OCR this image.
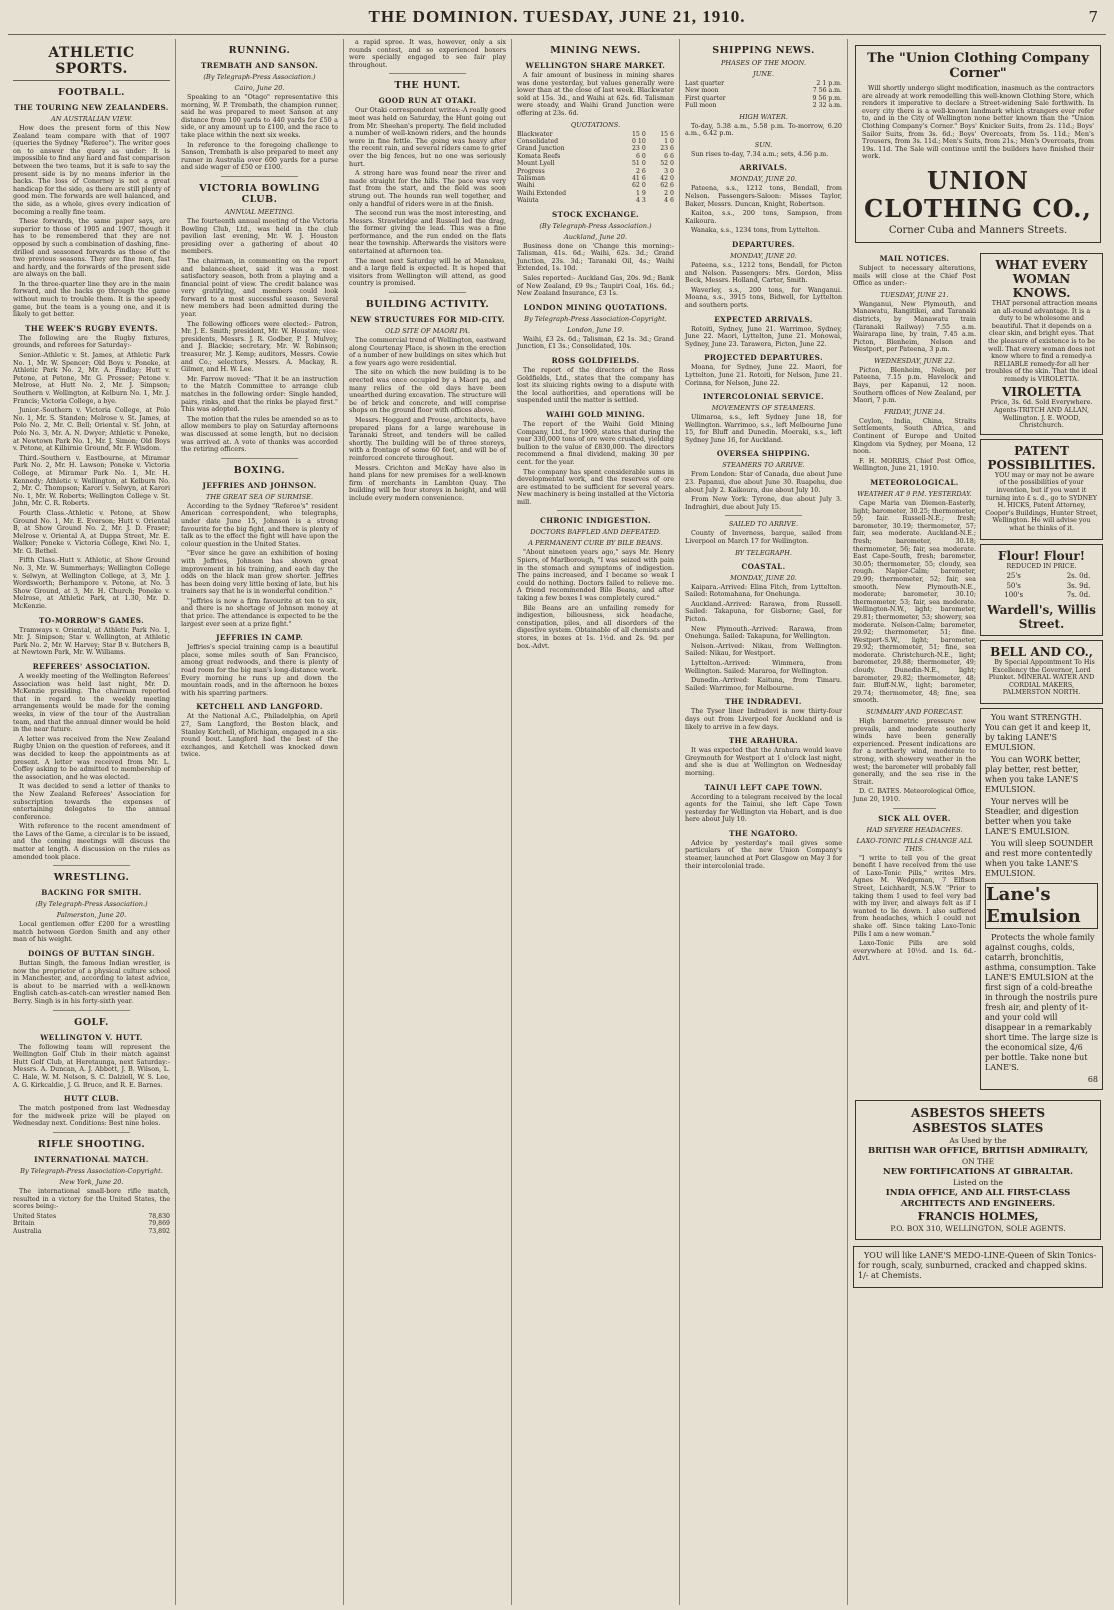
THE DOMINION. TUESDAY, JUNE 21, 1910.	7
ATHLETIC SPORTS.
FOOTBALL.
THE TOURING NEW ZEALANDERS.
AN AUSTRALIAN VIEW.

How does the present form of this New Zealand team compare with that of 1907 (queries the Sydney "Referee"). The writer goes on to answer the query as under: It is impossible to find any hard and fast comparison between the two teams, but it is safe to say the present side is by no means inferior in the backs. The loss of Conerney is not a great handicap for the side, as there are still plenty of good men. The forwards are well balanced, and the side, as a whole, gives every indication of becoming a really fine team.

These forwards, the same paper says, are superior to those of 1905 and 1907, though it has to be remembered that they are not opposed by such a combination of dashing, fine-drilled and seasoned forwards as those of the two previous seasons. They are fine men, fast and hardy, and the forwards of the present side are always on the ball.

In the three-quarter line they are in the main forward, and the backs go through the game without much to trouble them. It is the speedy game, but the team is a young one, and it is likely to get better.

THE WEEK'S RUGBY EVENTS.

The following are the Rugby fixtures, grounds, and referees for Saturday:-

Senior.-Athletic v. St. James, at Athletic Park No. 1, Mr. W. Spencer; Old Boys v. Poneke, at Athletic Park No. 2, Mr. A. Findlay; Hutt v. Petone, at Petone, Mr. G. Prosser; Petone v. Melrose, at Hutt No. 2, Mr. J. Simpson; Southern v. Wellington, at Kelburn No. 1, Mr. J. Francis; Victoria College, a bye.

Junior.-Southern v. Victoria College, at Polo No. 1, Mr. S. Standen; Melrose v. St. James, at Polo No. 2, Mr. C. Bell; Oriental v. St. John, at Polo No. 3, Mr. A. N. Dwyer; Athletic v. Poneke, at Newtown Park No. 1, Mr. J. Simon; Old Boys v. Petone, at Kilbirnie Ground, Mr. F. Wisdom.

Third.-Southern v. Eastbourne, at Miramar Park No. 2, Mr. H. Lawson; Poneke v. Victoria College, at Miramar Park No. 1, Mr. H. Kennedy; Athletic v. Wellington, at Kelburn No. 2, Mr. C. Thompson; Karori v. Selwyn, at Karori No. 1, Mr. W. Roberts; Wellington College v. St. John, Mr. C. R. Roberts.

Fourth Class.-Athletic v. Petone, at Show Ground No. 1, Mr. E. Everson; Hutt v. Oriental B, at Show Ground No. 2, Mr. J. D. Fraser; Melrose v. Oriental A, at Duppa Street, Mr. E. Walker; Poneke v. Victoria College, Kiwi No. 1, Mr. G. Bethel.

Fifth Class.-Hutt v. Athletic, at Show Ground No. 3, Mr. W. Summerhays; Wellington College v. Selwyn, at Wellington College, at 3, Mr. J. Wordsworth; Berhampore v. Petone, at No. 3 Show Ground, at 3, Mr. H. Church; Poneke v. Melrose, at Athletic Park, at 1.30, Mr. D. McKenzie.

TO-MORROW'S GAMES.

Tramways v. Oriental, at Athletic Park No. 1, Mr. J. Simpson; Star v. Wellington, at Athletic Park No. 2, Mr. W. Harvey; Star B v. Butchers B, at Newtown Park, Mr. W. Williams.

REFEREES' ASSOCIATION.

A weekly meeting of the Wellington Referees' Association was held last night, Mr. D. McKenzie presiding. The chairman reported that in regard to the weekly meeting arrangements would be made for the coming weeks, in view of the tour of the Australian team, and that the annual dinner would be held in the near future.

A letter was received from the New Zealand Rugby Union on the question of referees, and it was decided to keep the appointments as at present. A letter was received from Mr. L. Coffey asking to be admitted to membership of the association, and he was elected.

It was decided to send a letter of thanks to the New Zealand Referees' Association for subscription towards the expenses of entertaining delegates to the annual conference.

With reference to the recent amendment of the Laws of the Game, a circular is to be issued, and the coming meetings will discuss the matter at length. A discussion on the rules as amended took place.

WRESTLING.
BACKING FOR SMITH.
(By Telegraph-Press Association.)
Palmerston, June 20.

Local gentlemen offer £200 for a wrestling match between Gordon Smith and any other man of his weight.

DOINGS OF BUTTAN SINGH.

Buttan Singh, the famous Indian wrestler, is now the proprietor of a physical culture school in Manchester, and, according to latest advice, is about to be married with a well-known English catch-as-catch-can wrestler named Ben Berry. Singh is in his forty-sixth year.

GOLF.
WELLINGTON V. HUTT.

The following team will represent the Wellington Golf Club in their match against Hutt Golf Club, at Heretaunga, next Saturday:-Messrs. A. Duncan, A. J. Abbott, J. B. Wilson, L. C. Hale, W. M. Nelson, S. C. Dalziell, W. S. Lee, A. G. Kirkcaldie, J. G. Bruce, and R. E. Barnes.

HUTT CLUB.

The match postponed from last Wednesday for the midweek prize will be played on Wednesday next. Conditions: Best nine holes.

RIFLE SHOOTING.
INTERNATIONAL MATCH.
By Telegraph-Press Association-Copyright.
New York, June 20.

The international small-bore rifle match, resulted in a victory for the United States, the scores being:-

United States	78,830
Britain	79,869
Australia	73,892
RUNNING.
TREMBATH AND SANSON.
(By Telegraph-Press Association.)
Cairo, June 20.

Speaking to an "Otago" representative this morning, W. P. Trembath, the champion runner, said he was prepared to meet Sanson at any distance from 100 yards to 440 yards for £50 a side, or any amount up to £100, and the race to take place within the next six weeks.

In reference to the foregoing challenge to Sanson, Trembath is also prepared to meet any runner in Australia over 600 yards for a purse and side wager of £50 or £100.

VICTORIA BOWLING CLUB.
ANNUAL MEETING.

The fourteenth annual meeting of the Victoria Bowling Club, Ltd., was held in the club pavilion last evening, Mr. W. J. Houston presiding over a gathering of about 40 members.

The chairman, in commenting on the report and balance-sheet, said it was a most satisfactory season, both from a playing and a financial point of view. The credit balance was very gratifying, and members could look forward to a most successful season. Several new members had been admitted during the year.

The following officers were elected:- Patron, Mr. J. E. Smith; president, Mr. W. Houston; vice-presidents, Messrs. J. R. Godber, P. J. Mulvey, and J. Blackie; secretary, Mr. W. Robinson; treasurer, Mr. J. Kemp; auditors, Messrs. Cowie and Co.; selectors, Messrs. A. Mackay, R. Gilmer, and H. W. Lee.

Mr. Farrow moved: "That it be an instruction to the Match Committee to arrange club matches in the following order: Single handed, pairs, rinks, and that the rinks be played first." This was adopted.

The motion that the rules be amended so as to allow members to play on Saturday afternoons was discussed at some length, but no decision was arrived at. A vote of thanks was accorded the retiring officers.

BOXING.
JEFFRIES AND JOHNSON.
THE GREAT SEA OF SURMISE.

According to the Sydney "Referee's" resident American correspondent, who telegraphs, under date June 15, Johnson is a strong favourite for the big fight, and there is plenty of talk as to the effect the fight will have upon the colour question in the United States.

"Ever since he gave an exhibition of boxing with Jeffries, Johnson has shown great improvement in his training, and each day the odds on the black man grow shorter. Jeffries has been doing very little boxing of late, but his trainers say that he is in wonderful condition."

"Jeffries is now a firm favourite at ten to six, and there is no shortage of Johnson money at that price. The attendance is expected to be the largest ever seen at a prize fight."

JEFFRIES IN CAMP.

Jeffries's special training camp is a beautiful place, some miles south of San Francisco, among great redwoods, and there is plenty of road room for the big man's long-distance work. Every morning he runs up and down the mountain roads, and in the afternoon he boxes with his sparring partners.

KETCHELL AND LANGFORD.

At the National A.C., Philadelphia, on April 27, Sam Langford, the Boston black, and Stanley Ketchell, of Michigan, engaged in a six-round bout. Langford had the best of the exchanges, and Ketchell was knocked down twice.

a rapid spree. It was, however, only a six rounds contest, and so experienced boxers were specially engaged to see fair play throughout.

THE HUNT.
GOOD RUN AT OTAKI.

Our Otaki correspondent writes:-A really good meet was held on Saturday, the Hunt going out from Mr. Sheehan's property. The field included a number of well-known riders, and the hounds were in fine fettle. The going was heavy after the recent rain, and several riders came to grief over the big fences, but no one was seriously hurt.

A strong hare was found near the river and made straight for the hills. The pace was very fast from the start, and the field was soon strung out. The hounds ran well together, and only a handful of riders were in at the finish.

The second run was the most interesting, and Messrs. Strawbridge and Russell led the drag, the former giving the lead. This was a fine performance, and the run ended on the flats near the township. Afterwards the visitors were entertained at afternoon tea.

The meet next Saturday will be at Manakau, and a large field is expected. It is hoped that visitors from Wellington will attend, as good country is promised.

BUILDING ACTIVITY.
NEW STRUCTURES FOR MID-CITY.
OLD SITE OF MAORI PA.

The commercial trend of Wellington, eastward along Courtenay Place, is shown in the erection of a number of new buildings on sites which but a few years ago were residential.

The site on which the new building is to be erected was once occupied by a Maori pa, and many relics of the old days have been unearthed during excavation. The structure will be of brick and concrete, and will comprise shops on the ground floor with offices above.

Messrs. Hoggard and Prouse, architects, have prepared plans for a large warehouse in Taranaki Street, and tenders will be called shortly. The building will be of three storeys, with a frontage of some 60 feet, and will be of reinforced concrete throughout.

Messrs. Crichton and McKay have also in hand plans for new premises for a well-known firm of merchants in Lambton Quay. The building will be four storeys in height, and will include every modern convenience.

MINING NEWS.
WELLINGTON SHARE MARKET.

A fair amount of business in mining shares was done yesterday, but values generally were lower than at the close of last week. Blackwater sold at 15s. 3d., and Waihi at 62s. 6d. Talisman were steady, and Waihi Grand Junction were offering at 23s. 6d.

QUOTATIONS.
Blackwater	15 0	15 6
Consolidated	0 10	1 0
Grand Junction	23 0	23 6
Komata Reefs	6 0	6 6
Mount Lyell	51 0	52 0
Progress	2 6	3 0
Talisman	41 6	42 0
Waihi	62 0	62 6
Waihi Extended	1 9	2 0
Waiuta	4 3	4 6
STOCK EXCHANGE.
(By Telegraph-Press Association.)
Auckland, June 20.

Business done on 'Change this morning:- Talisman, 41s. 6d.; Waihi, 62s. 3d.; Grand Junction, 23s. 3d.; Taranaki Oil, 4s.; Waihi Extended, 1s. 10d.

Sales reported:- Auckland Gas, 20s. 9d.; Bank of New Zealand, £9 9s.; Taupiri Coal, 16s. 6d.; New Zealand Insurance, £3 1s.

LONDON MINING QUOTATIONS.
By Telegraph-Press Association-Copyright.
London, June 19.

Waihi, £3 2s. 6d.; Talisman, £2 1s. 3d.; Grand Junction, £1 3s.; Consolidated, 10s.

ROSS GOLDFIELDS.

The report of the directors of the Ross Goldfields, Ltd., states that the company has lost its sluicing rights owing to a dispute with the local authorities, and operations will be suspended until the matter is settled.

WAIHI GOLD MINING.

The report of the Waihi Gold Mining Company, Ltd., for 1909, states that during the year 330,000 tons of ore were crushed, yielding bullion to the value of £830,000. The directors recommend a final dividend, making 30 per cent. for the year.

The company has spent considerable sums in developmental work, and the reserves of ore are estimated to be sufficient for several years. New machinery is being installed at the Victoria mill.

CHRONIC INDIGESTION.
DOCTORS BAFFLED AND DEFEATED.
A PERMANENT CURE BY BILE BEANS.

"About nineteen years ago," says Mr. Henry Spiers, of Marlborough, "I was seized with pain in the stomach and symptoms of indigestion. The pains increased, and I became so weak I could do nothing. Doctors failed to relieve me. A friend recommended Bile Beans, and after taking a few boxes I was completely cured."

Bile Beans are an unfailing remedy for indigestion, biliousness, sick headache, constipation, piles, and all disorders of the digestive system. Obtainable of all chemists and stores, in boxes at 1s. 1½d. and 2s. 9d. per box.-Advt.

SHIPPING NEWS.
PHASES OF THE MOON.
JUNE.
Last quarter	2 1 p.m.
New moon	7 56 a.m.
First quarter	9 56 p.m.
Full moon	2 32 a.m.
HIGH WATER.

To-day, 5.38 a.m., 5.58 p.m. To-morrow, 6.20 a.m., 6.42 p.m.

SUN.

Sun rises to-day, 7.34 a.m.; sets, 4.56 p.m.

ARRIVALS.
MONDAY, JUNE 20.

Pateena, s.s., 1212 tons, Bendall, from Nelson. Passengers-Saloon: Misses Taylor, Baker, Messrs. Duncan, Knight, Robertson.

Kaitoa, s.s., 200 tons, Sampson, from Kaikoura.

Wanaka, s.s., 1234 tons, from Lyttelton.

DEPARTURES.
MONDAY, JUNE 20.

Pateena, s.s., 1212 tons, Bendall, for Picton and Nelson. Passengers: Mrs. Gordon, Miss Beck, Messrs. Holland, Carter, Smith.

Waverley, s.s., 200 tons, for Wanganui. Moana, s.s., 3915 tons, Bidwell, for Lyttelton and southern ports.

EXPECTED ARRIVALS.

Rotoiti, Sydney, June 21. Warrimoo, Sydney, June 22. Maori, Lyttelton, June 21. Monowai, Sydney, June 23. Tarawera, Picton, June 22.

PROJECTED DEPARTURES.

Moana, for Sydney, June 22. Maori, for Lyttelton, June 21. Rotoiti, for Nelson, June 21. Corinna, for Nelson, June 22.

INTERCOLONIAL SERVICE.
MOVEMENTS OF STEAMERS.

Ulimaroa, s.s., left Sydney June 18, for Wellington. Warrimoo, s.s., left Melbourne June 15, for Bluff and Dunedin. Moeraki, s.s., left Sydney June 16, for Auckland.

OVERSEA SHIPPING.
STEAMERS TO ARRIVE.

From London: Star of Canada, due about June 23. Papanui, due about June 30. Ruapehu, due about July 2. Kaikoura, due about July 10.

From New York: Tyrone, due about July 3. Indraghiri, due about July 15.

SAILED TO ARRIVE.

County of Inverness, barque, sailed from Liverpool on March 17 for Wellington.

BY TELEGRAPH.
COASTAL.
MONDAY, JUNE 20.

Kaipara.-Arrived: Elina Fitch, from Lyttelton. Sailed: Rotomahana, for Onehunga.

Auckland.-Arrived: Rarawa, from Russell. Sailed: Takapuna, for Gisborne; Gael, for Picton.

New Plymouth.-Arrived: Rarawa, from Onehunga. Sailed: Takapuna, for Wellington.

Nelson.-Arrived: Nikau, from Wellington. Sailed: Nikau, for Westport.

Lyttelton.-Arrived: Wimmera, from Wellington. Sailed: Mararoa, for Wellington.

Dunedin.-Arrived: Kaituna, from Timaru. Sailed: Warrimoo, for Melbourne.

THE INDRADEVI.

The Tyser liner Indradevi is now thirty-four days out from Liverpool for Auckland and is likely to arrive in a few days.

THE ARAHURA.

It was expected that the Arahura would leave Greymouth for Westport at 1 o'clock last night, and she is due at Wellington on Wednesday morning.

TAINUI LEFT CAPE TOWN.

According to a telegram received by the local agents for the Tainui, she left Cape Town yesterday for Wellington via Hobart, and is due here about July 10.

THE NGATORO.

Advice by yesterday's mail gives some particulars of the new Union Company's steamer, launched at Port Glasgow on May 3 for their intercolonial trade.

The "Union Clothing Company Corner"

Will shortly undergo slight modification, inasmuch as the contractors are already at work remodelling this well-known Clothing Store, which renders it imperative to declare a Street-widening Sale forthwith. In every city there is a well-known landmark which strangers ever refer to, and in the City of Wellington none better known than the "Union Clothing Company's Corner." Boys' Knicker Suits, from 2s. 11d.; Boys' Sailor Suits, from 3s. 6d.; Boys' Overcoats, from 5s. 11d.; Men's Trousers, from 3s. 11d.; Men's Suits, from 21s.; Men's Overcoats, from 19s. 11d. The Sale will continue until the builders have finished their work.

UNION CLOTHING CO.,
Corner Cuba and Manners Streets.
MAIL NOTICES.

Subject to necessary alterations, mails will close at the Chief Post Office as under:-

TUESDAY, JUNE 21.

Wanganui, New Plymouth, and Manawatu, Rangitikei, and Taranaki districts, by Manawatu train (Taranaki Railway) 7.55 a.m. Wairarapa line, by train, 7.45 a.m. Picton, Blenheim, Nelson and Westport, per Pateena, 3 p.m.

WEDNESDAY, JUNE 22.

Picton, Blenheim, Nelson, per Pateena, 7.15 p.m. Havelock and Bays, per Kapanui, 12 noon. Southern offices of New Zealand, per Maori, 7 p.m.

FRIDAY, JUNE 24.

Ceylon, India, China, Straits Settlements, South Africa, and Continent of Europe and United Kingdom via Sydney, per Moana, 12 noon.

F. H. MORRIS, Chief Post Office, Wellington, June 21, 1910.

METEOROLOGICAL.
WEATHER AT 9 P.M. YESTERDAY.

Cape Maria van Diemen-Easterly, light; barometer, 30.25; thermometer, 59; fair. Russell-N.E.; fresh; barometer, 30.19; thermometer, 57; fair, sea moderate. Auckland-N.E.; fresh; barometer, 30.18; thermometer, 56; fair, sea moderate. East Cape-South, fresh; barometer, 30.05; thermometer, 55; cloudy, sea rough. Napier-Calm; barometer, 29.99; thermometer, 52; fair, sea smooth. New Plymouth-N.E., moderate; barometer, 30.10; thermometer, 53; fair, sea moderate. Wellington-N.W., light; barometer, 29.81; thermometer, 53; showery, sea moderate. Nelson-Calm; barometer, 29.92; thermometer, 51; fine. Westport-S.W., light; barometer, 29.92; thermometer, 51; fine, sea moderate. Christchurch-N.E., light; barometer, 29.88; thermometer, 49; cloudy. Dunedin-N.E., light; barometer, 29.82; thermometer, 48; fair. Bluff-N.W., light; barometer, 29.74; thermometer, 48; fine, sea smooth.

SUMMARY AND FORECAST.

High barometric pressure now prevails, and moderate southerly winds have been generally experienced. Present indications are for a northerly wind, moderate to strong, with showery weather in the west; the barometer will probably fall generally, and the sea rise in the Strait.

D. C. BATES. Meteorological Office, June 20, 1910.

SICK ALL OVER.
HAD SEVERE HEADACHES.
LAXO-TONIC PILLS CHANGE ALL THIS.

"I write to tell you of the great benefit I have received from the use of Laxo-Tonic Pills," writes Mrs. Agnes M. Wedgeman, 7 Elfison Street, Leichhardt, N.S.W. "Prior to taking them I used to feel very bad with my liver, and always felt as if I wanted to lie down. I also suffered from headaches, which I could not shake off. Since taking Laxo-Tonic Pills I am a new woman."

Laxo-Tonic Pills are sold everywhere at 10½d. and 1s. 6d.-Advt.

WHAT EVERY WOMAN KNOWS.

THAT personal attraction means an all-round advantage. It is a duty to be wholesome and beautiful. That it depends on a clear skin, and bright eyes. That the pleasure of existence is to be well. That every woman does not know where to find a remedy-a RELIABLE remedy-for all her troubles of the skin. That the ideal remedy is VIROLETTA.

VIROLETTA
Price, 3s. 6d. Sold Everywhere.
Agents-TRITCH AND ALLAN, Wellington. J. E. WOOD, Christchurch.
PATENT POSSIBILITIES.

YOU may or may not be aware of the possibilities of your invention, but if you want it turning into £ s. d., go to SYDNEY H. HICKS, Patent Attorney, Cooper's Buildings, Hunter Street, Wellington. He will advise you what he thinks of it.

Flour! Flour!
REDUCED IN PRICE.
25's	2s. 0d.
50's	3s. 9d.
100's	7s. 0d.
Wardell's, Willis Street.
BELL AND CO.,

By Special Appointment To His Excellency the Governor, Lord Plunket. MINERAL WATER AND CORDIAL MAKERS, PALMERSTON NORTH.

You want STRENGTH. You can get it and keep it, by taking LANE'S EMULSION.

You can WORK better, play better, rest better, when you take LANE'S EMULSION.

Your nerves will be Steadier, and digestion better when you take LANE'S EMULSION.

You will sleep SOUNDER and rest more contentedly when you take LANE'S EMULSION.

Lane's Emulsion

Protects the whole family against coughs, colds, catarrh, bronchitis, asthma, consumption. Take LANE'S EMULSION at the first sign of a cold-breathe in through the nostrils pure fresh air, and plenty of it-and your cold will disappear in a remarkably short time. The large size is the economical size, 4/6 per bottle. Take none but LANE'S.

68
ASBESTOS SHEETS
ASBESTOS SLATES
As Used by the
BRITISH WAR OFFICE, BRITISH ADMIRALTY,
ON THE
NEW FORTIFICATIONS AT GIBRALTAR.
Listed on the
INDIA OFFICE, AND ALL FIRST-CLASS ARCHITECTS AND ENGINEERS.
FRANCIS HOLMES,
P.O. BOX 310, WELLINGTON, SOLE AGENTS.

YOU will like LANE'S MEDO-LINE-Queen of Skin Tonics-for rough, scaly, sunburned, cracked and chapped skins. 1/- at Chemists.
